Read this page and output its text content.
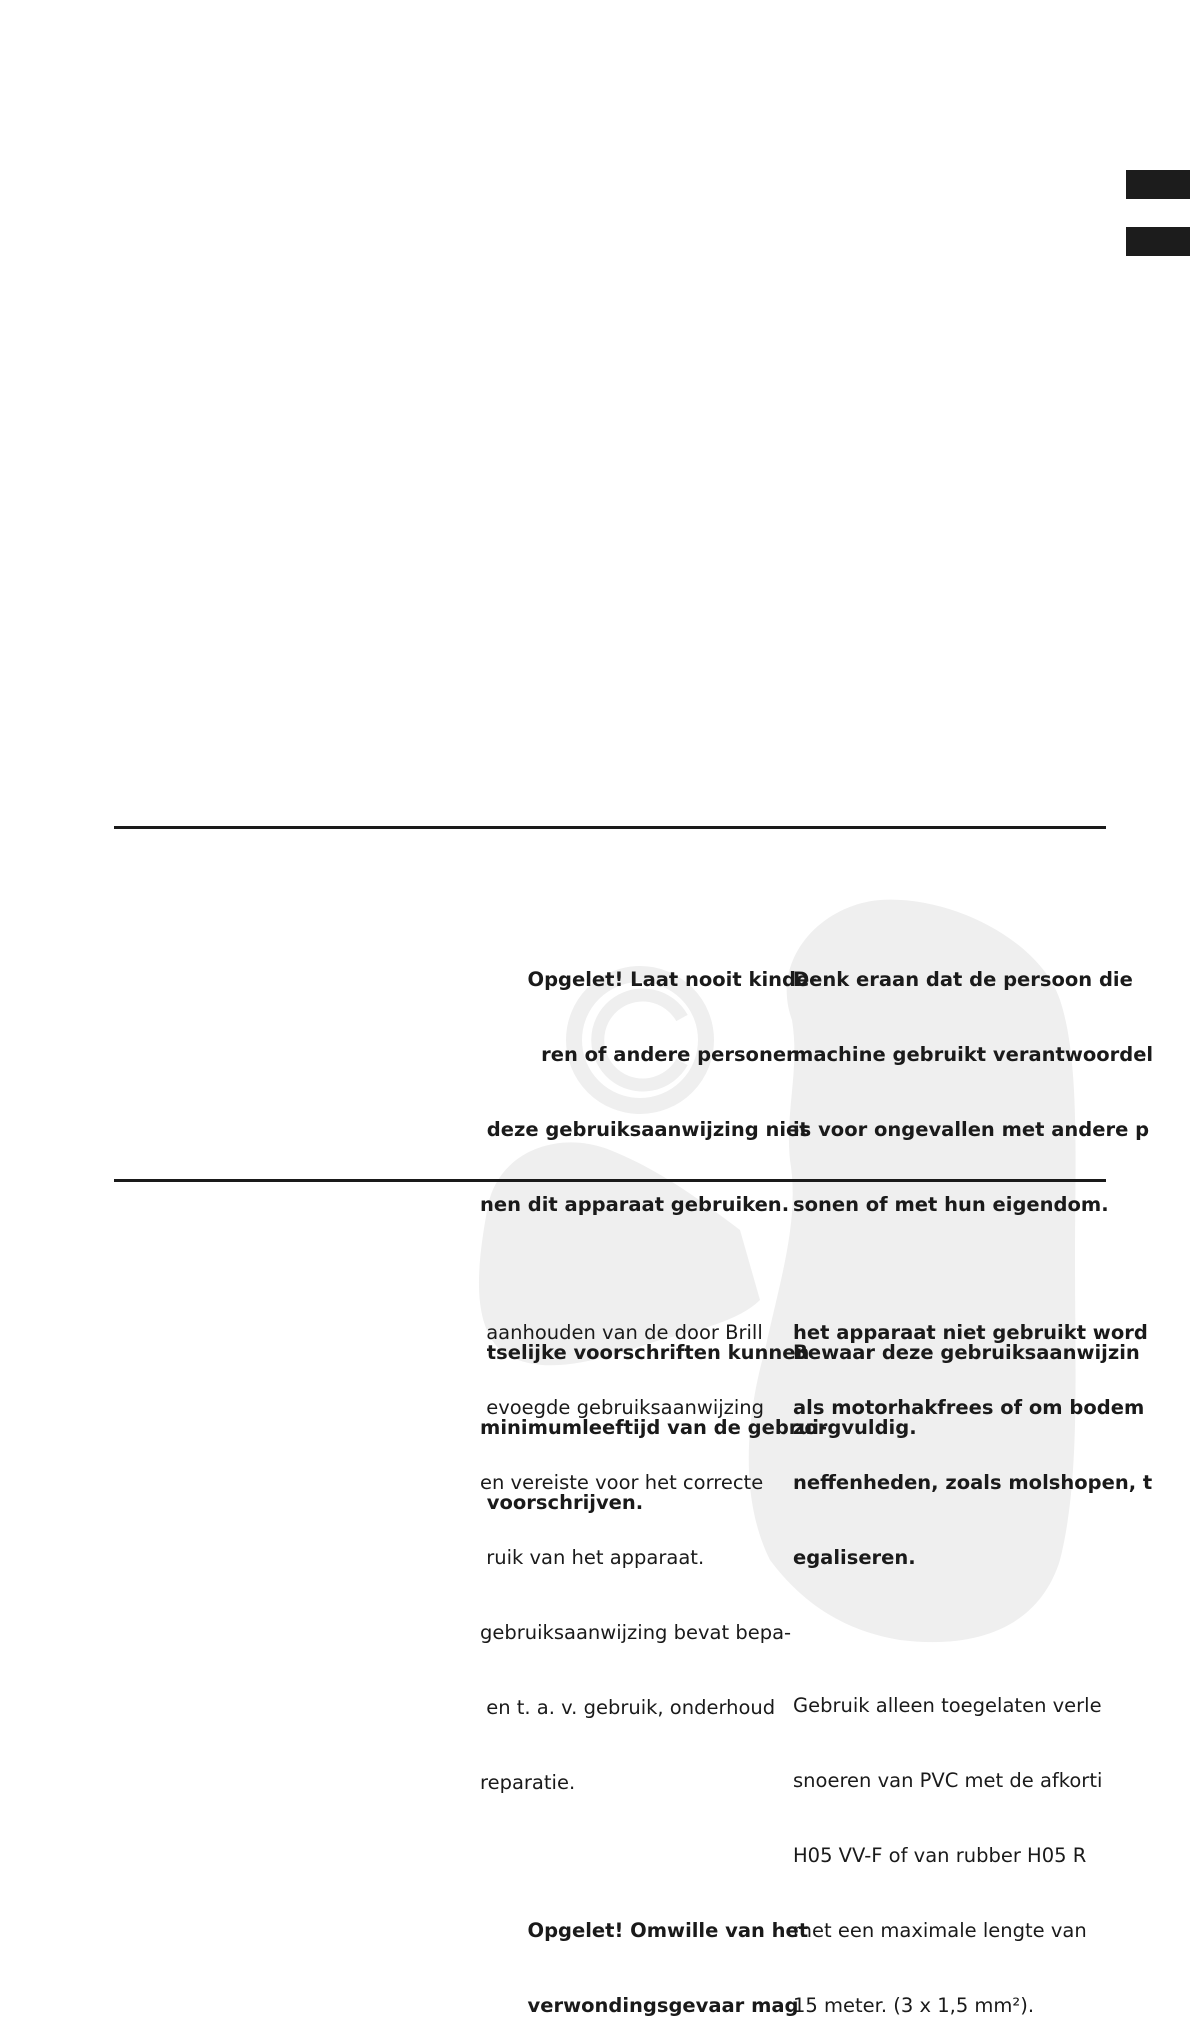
Opgelet! Laat nooit kinde-

ren of andere personen

deze gebruiksaanwijzing niet

nen dit apparaat gebruiken.

tselijke voorschriften kunnen

minimumleeftijd van de gebrui-

voorschrijven.

Denk eraan dat de persoon die

machine gebruikt verantwoordel

is voor ongevallen met andere p

sonen of met hun eigendom.

Bewaar deze gebruiksaanwijzin

zorgvuldig.

aanhouden van de door Brill

evoegde gebruiksaanwijzing

en vereiste voor het correcte

ruik van het apparaat.

gebruiksaanwijzing bevat bepa-

en t. a. v. gebruik, onderhoud

reparatie.

Opgelet! Omwille van het

verwondingsgevaar mag

het apparaat niet gebruikt word

als motorhakfrees of om bodem

neffenheden, zoals molshopen, t

egaliseren.

Gebruik alleen toegelaten verle

snoeren van PVC met de afkorti

H05 VV-F of van rubber H05 R

met een maximale lengte van

15 meter. (3 x 1,5 mm²).
